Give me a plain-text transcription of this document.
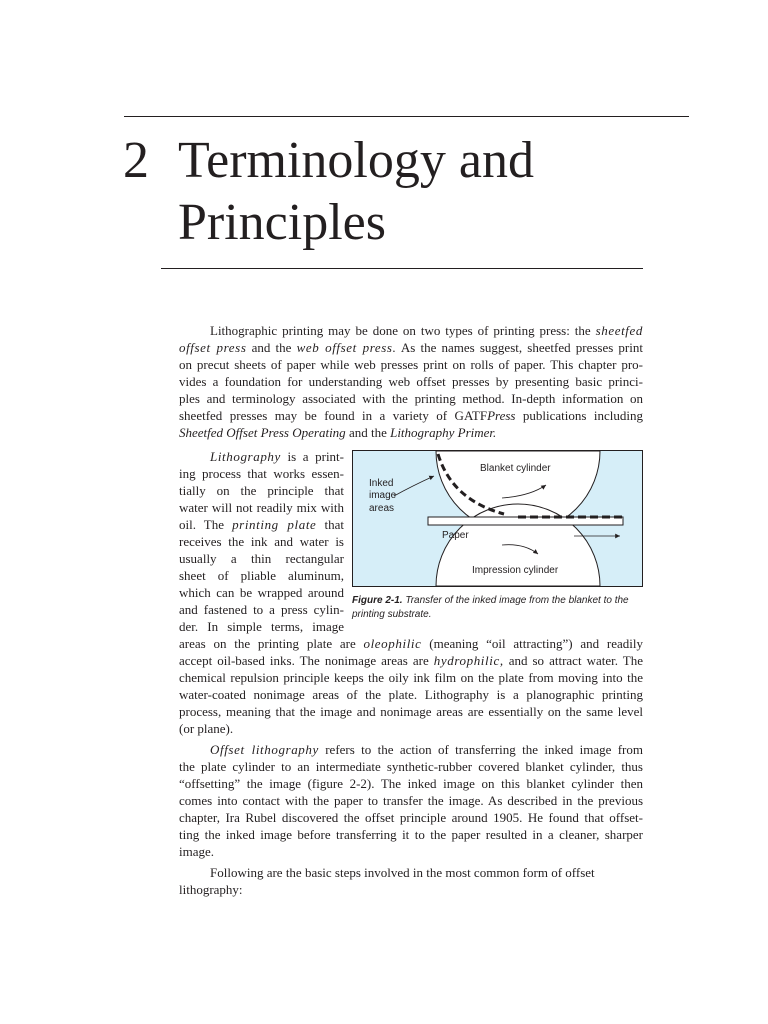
2 Terminology and
Principles
Lithographic printing may be done on two types of printing press: the sheetfed
offset press and the web offset press. As the names suggest, sheetfed presses print
on precut sheets of paper while web presses print on rolls of paper. This chapter pro-
vides a foundation for understanding web offset presses by presenting basic princi-
ples and terminology associated with the printing method. In-depth information on
sheetfed presses may be found in a variety of GATFPress publications including
Sheetfed Offset Press Operating and the Lithography Primer.
Lithography is a print-
ing process that works essen-
tially on the principle that
water will not readily mix with
oil. The printing plate that
receives the ink and water is
usually a thin rectangular
sheet of pliable aluminum,
which can be wrapped around
and fastened to a press cylin-
der. In simple terms, image
areas on the printing plate are oleophilic (meaning “oil attracting”) and readily
accept oil-based inks. The nonimage areas are hydrophilic, and so attract water. The
chemical repulsion principle keeps the oily ink film on the plate from moving into the
water-coated nonimage areas of the plate. Lithography is a planographic printing
process, meaning that the image and nonimage areas are essentially on the same level
(or plane).
Blanket cylinder
Inked
image
areas
Paper
Impression cylinder
Figure 2-1. Transfer of the inked image from the blanket to the
printing substrate.
Offset lithography refers to the action of transferring the inked image from
the plate cylinder to an intermediate synthetic-rubber covered blanket cylinder, thus
“offsetting” the image (figure 2-2). The inked image on this blanket cylinder then
comes into contact with the paper to transfer the image. As described in the previous
chapter, Ira Rubel discovered the offset principle around 1905. He found that offset-
ting the inked image before transferring it to the paper resulted in a cleaner, sharper
image.
Following are the basic steps involved in the most common form of offset
lithography:
